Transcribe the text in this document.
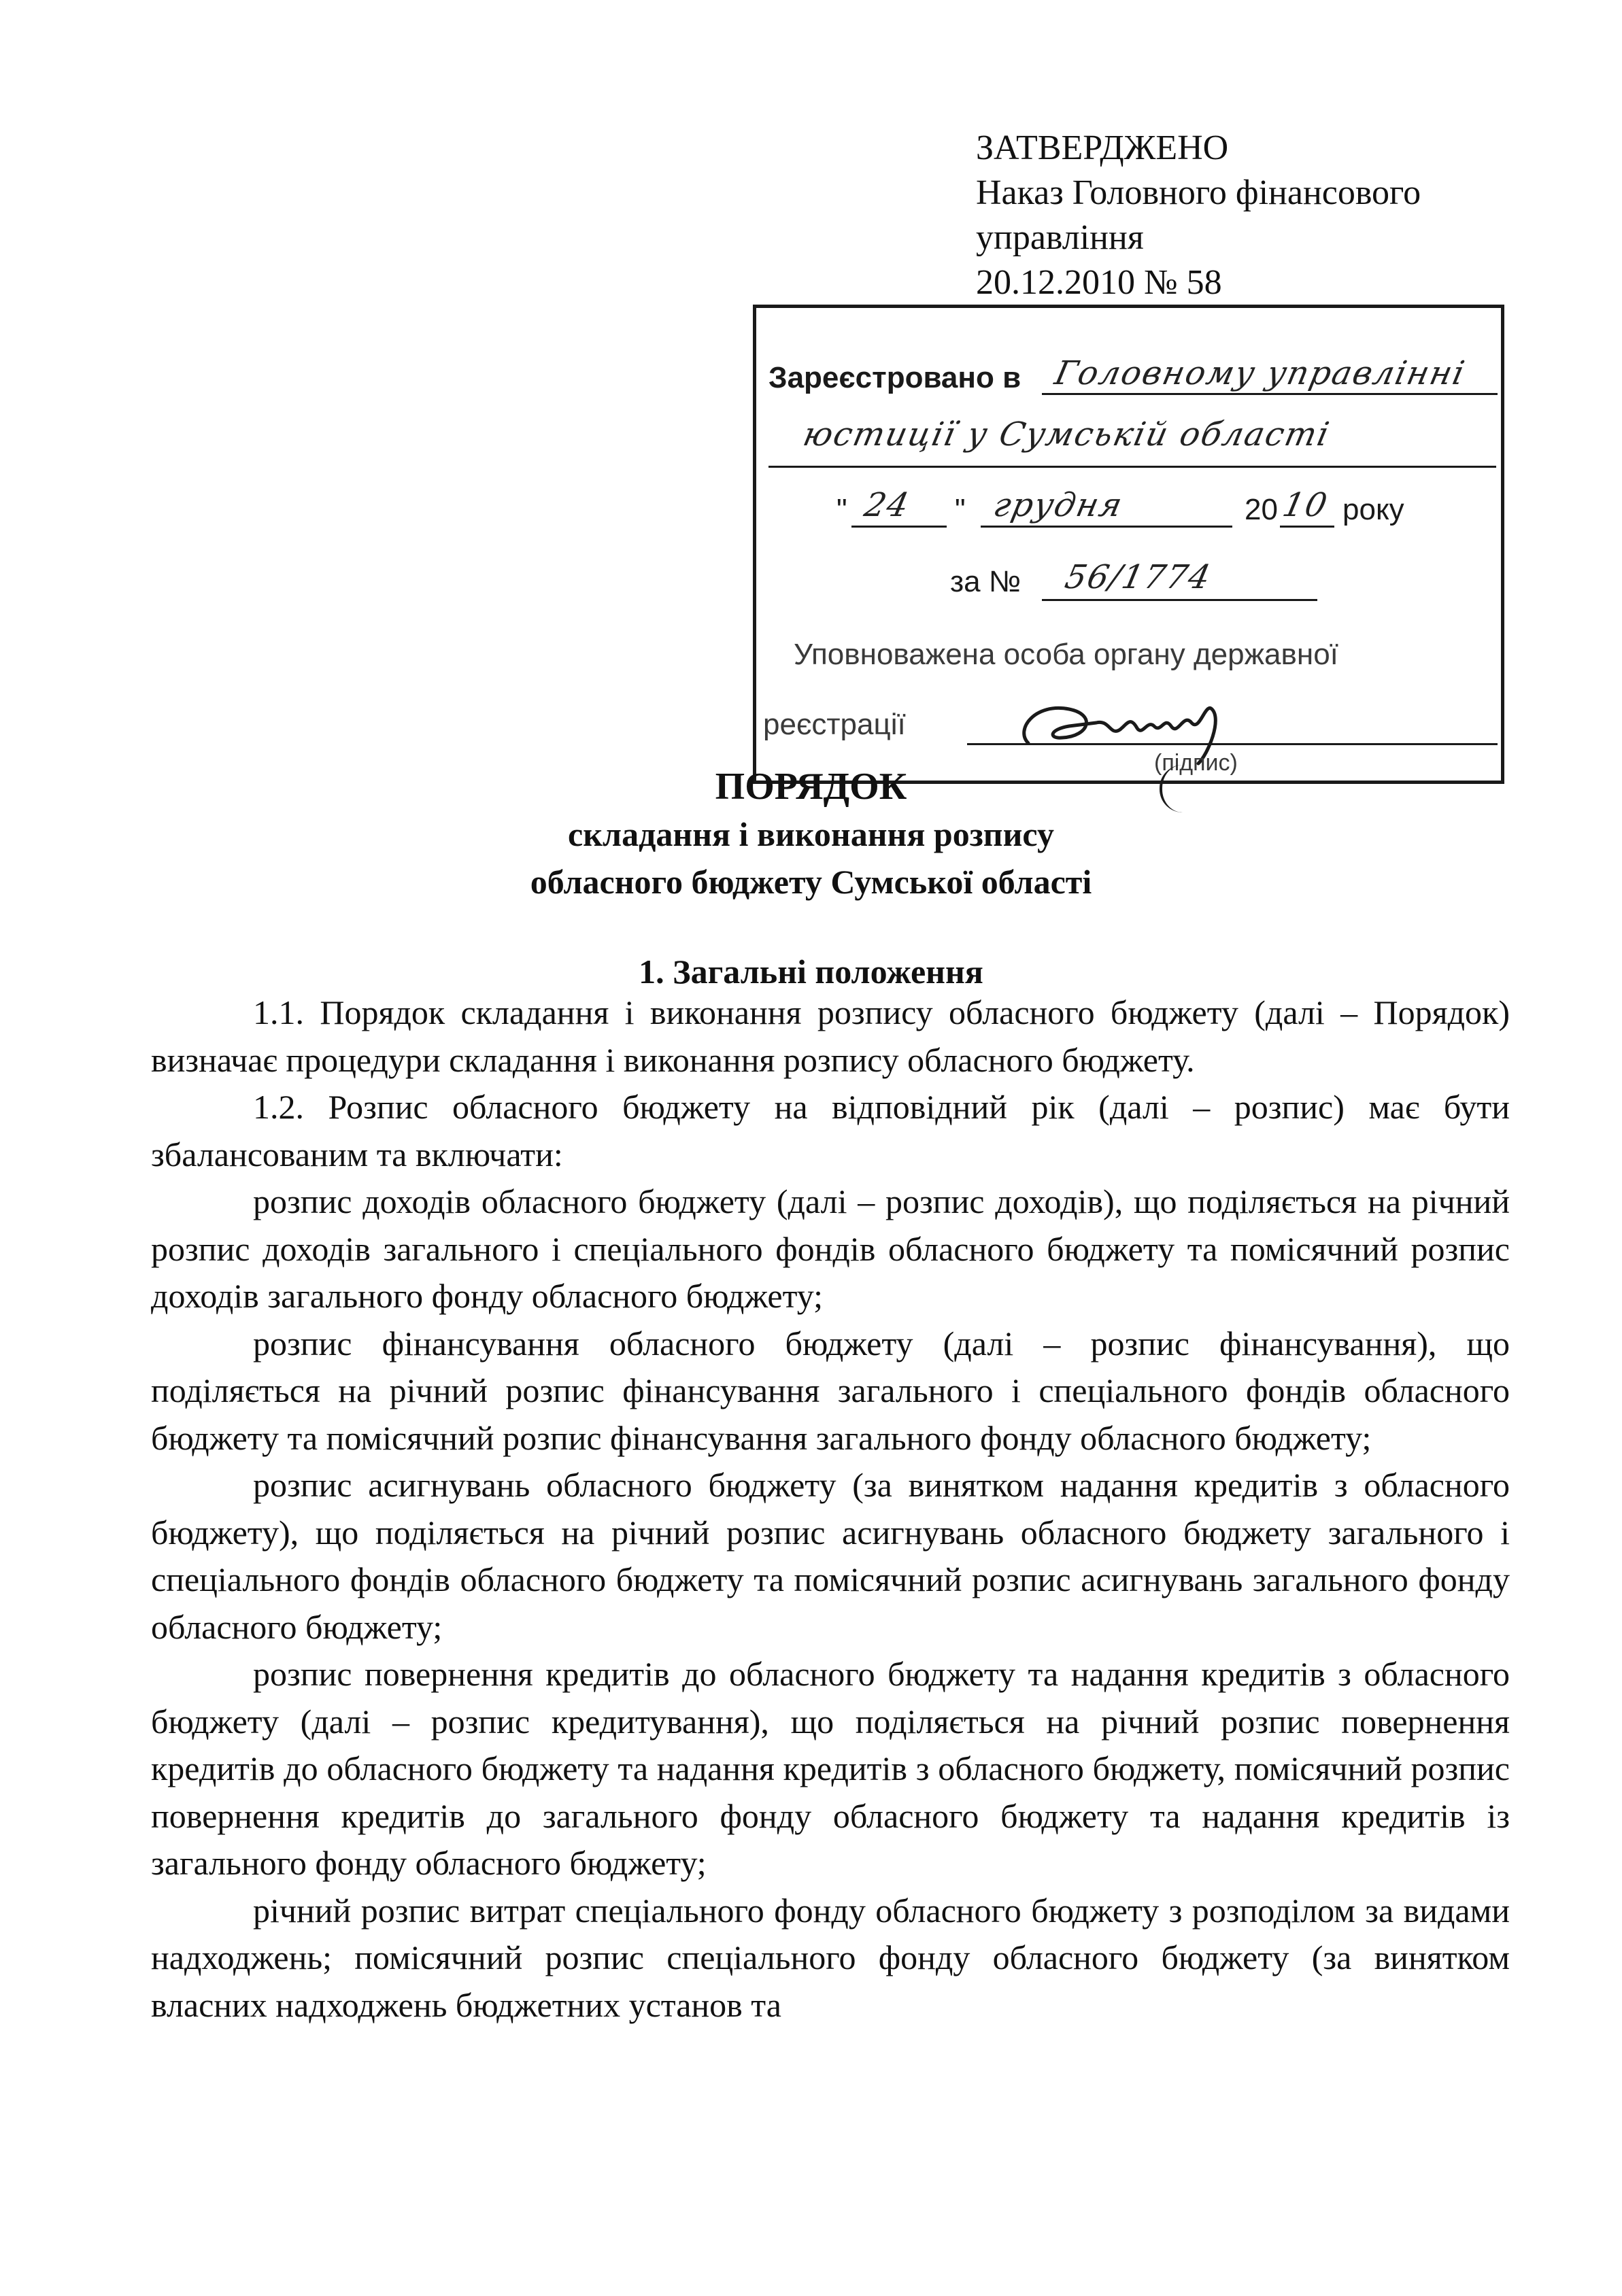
ЗАТВЕРДЖЕНО
Наказ Головного фінансового
управління
20.12.2010 № 58
Зареєстровано в Головному управлінні
юстиції у Сумській області
" 24 " грудня	20 10 року
за № 56/1774
Уповноважена особа органу державної
реєстрації
(підпис)
ПОРЯДОК
складання і виконання розпису
обласного бюджету Сумської області
1. Загальні положення

1.1. Порядок складання і виконання розпису обласного бюджету (далі – Порядок) визначає процедури складання і виконання розпису обласного бюджету.

1.2. Розпис обласного бюджету на відповідний рік (далі – розпис) має бути збалансованим та включати:

розпис доходів обласного бюджету (далі – розпис доходів), що поділяється на річний розпис доходів загального і спеціального фондів обласного бюджету та помісячний розпис доходів загального фонду обласного бюджету;

розпис фінансування обласного бюджету (далі – розпис фінансування), що поділяється на річний розпис фінансування загального і спеціального фондів обласного бюджету та помісячний розпис фінансування загального фонду обласного бюджету;

розпис асигнувань обласного бюджету (за винятком надання кредитів з обласного бюджету), що поділяється на річний розпис асигнувань обласного бюджету загального і спеціального фондів обласного бюджету та помісячний розпис асигнувань загального фонду обласного бюджету;

розпис повернення кредитів до обласного бюджету та надання кредитів з обласного бюджету (далі – розпис кредитування), що поділяється на річний розпис повернення кредитів до обласного бюджету та надання кредитів з обласного бюджету, помісячний розпис повернення кредитів до загального фонду обласного бюджету та надання кредитів із загального фонду обласного бюджету;

річний розпис витрат спеціального фонду обласного бюджету з розподілом за видами надходжень; помісячний розпис спеціального фонду обласного бюджету (за винятком власних надходжень бюджетних установ та
